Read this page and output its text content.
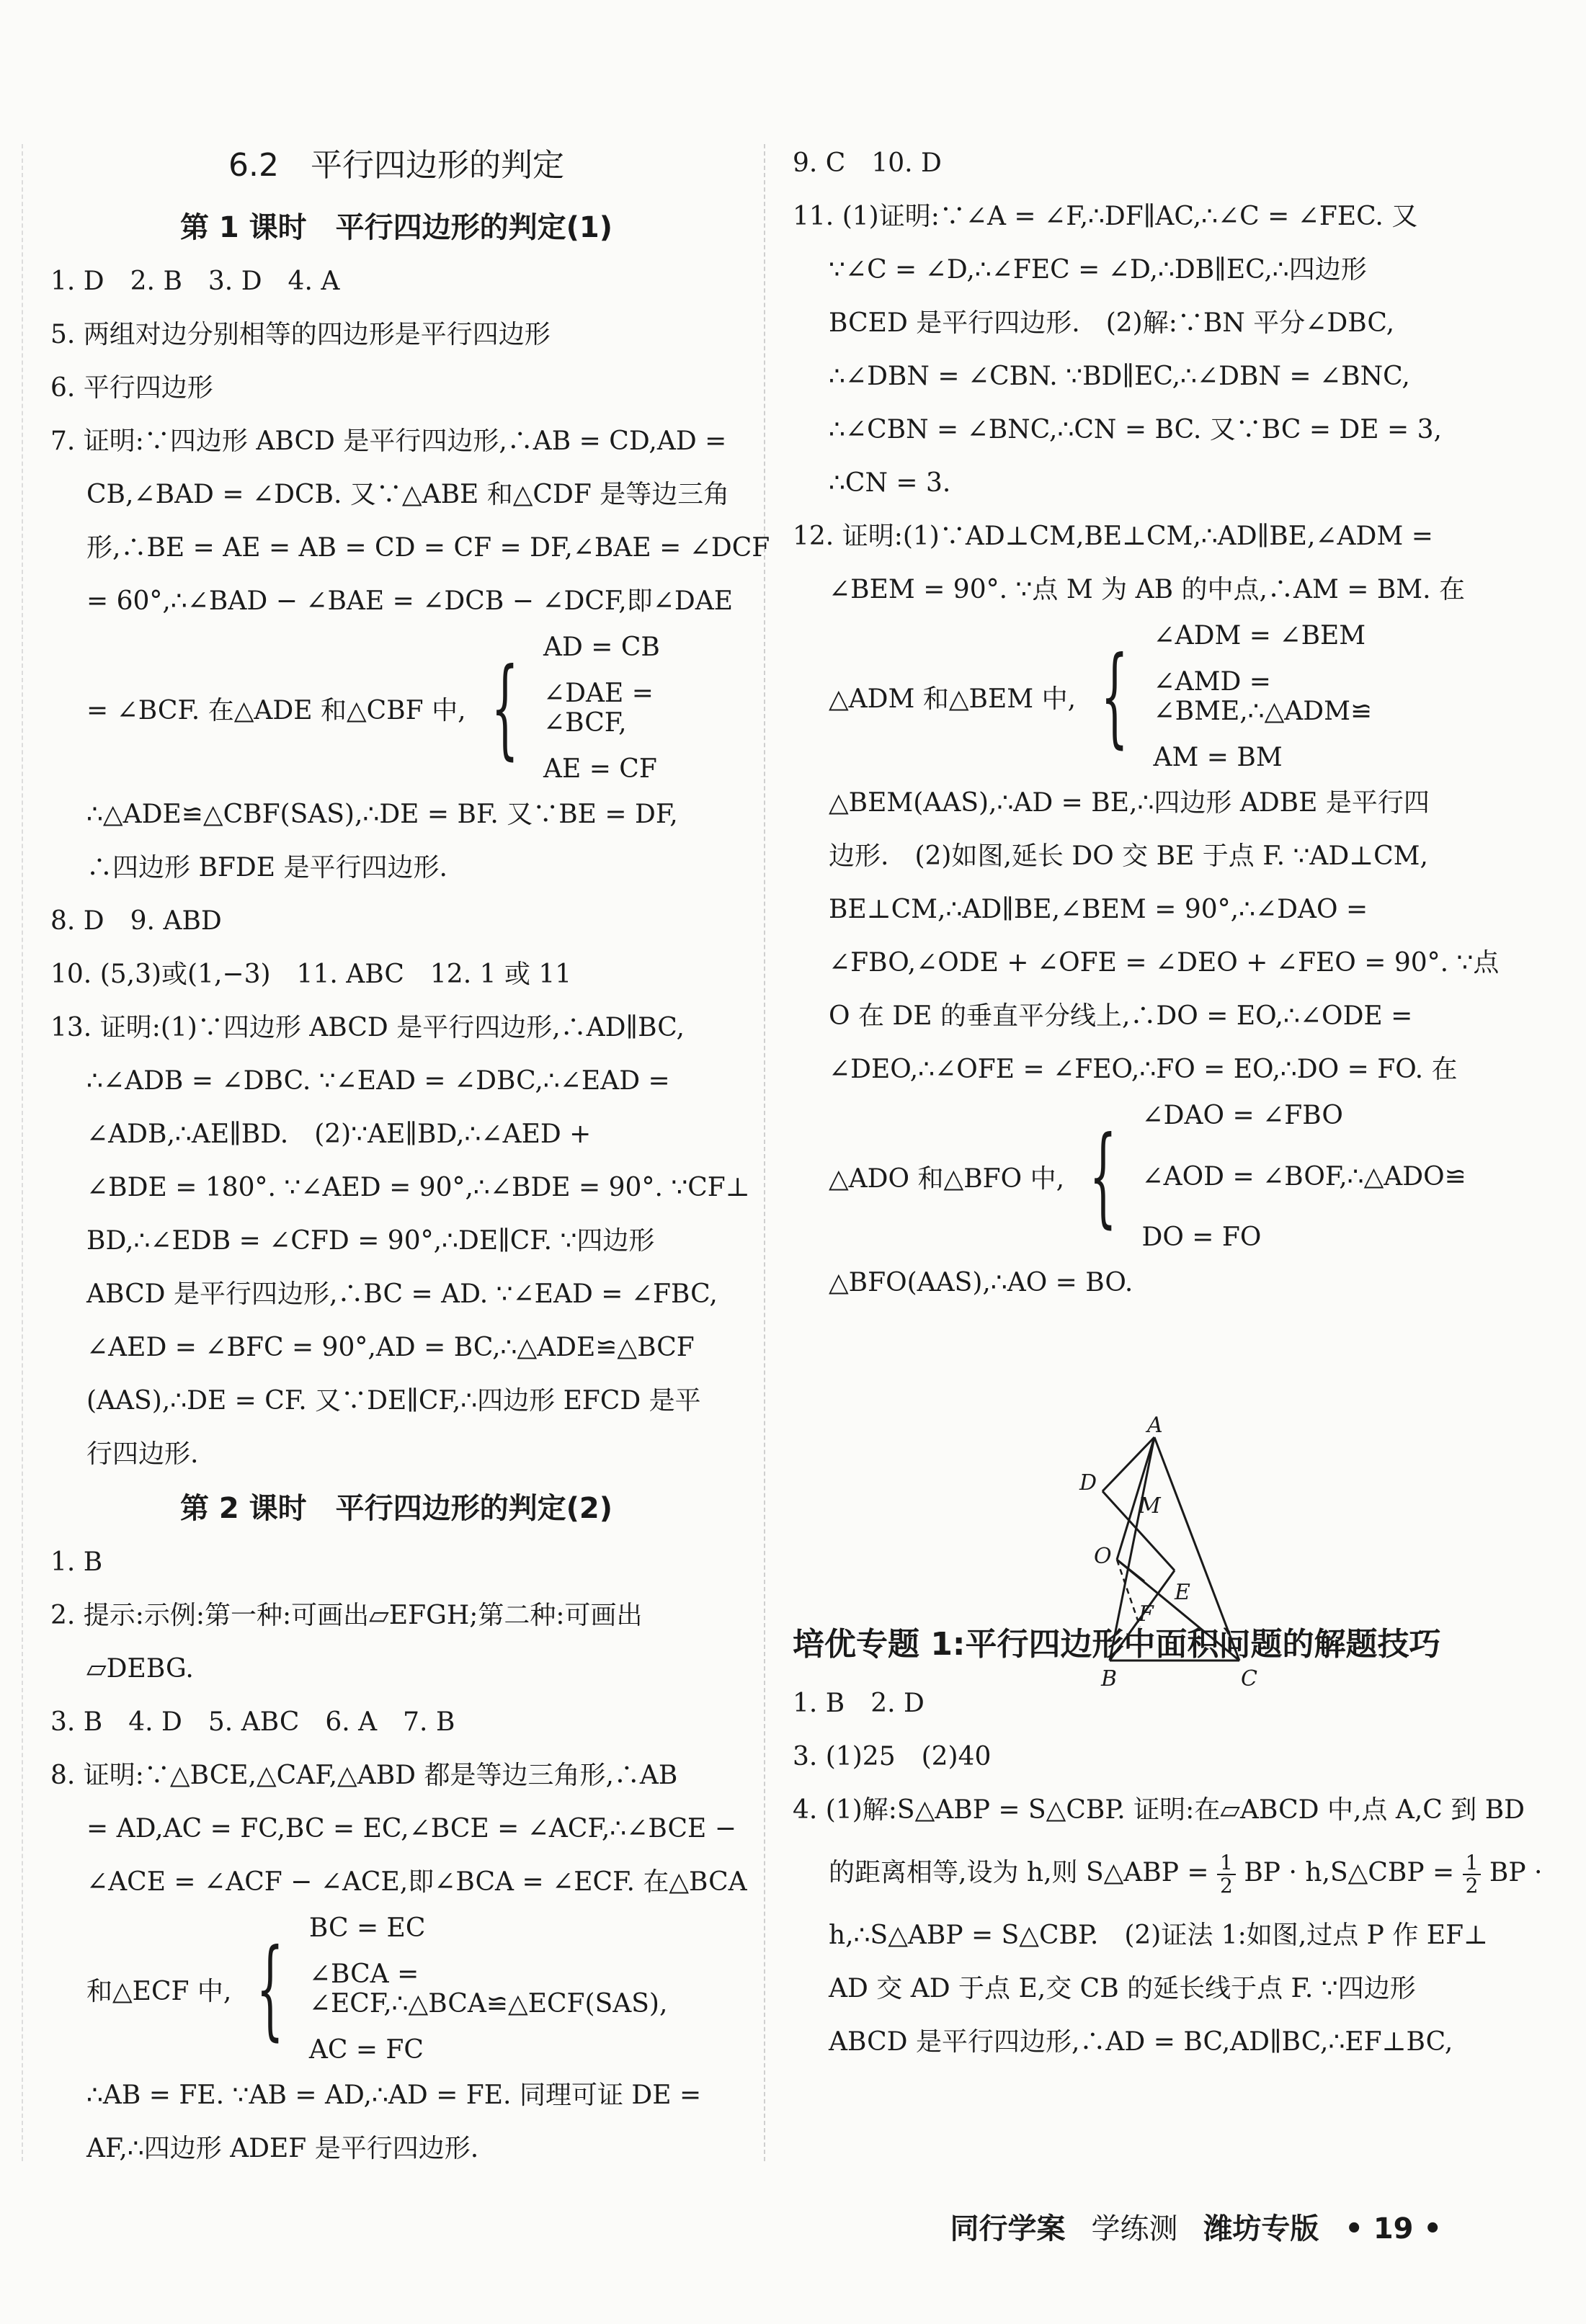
6.2　平行四边形的判定
第 1 课时　平行四边形的判定(1)
1. D　2. B　3. D　4. A
5. 两组对边分别相等的四边形是平行四边形
6. 平行四边形
7. 证明:∵四边形 ABCD 是平行四边形,∴AB = CD,AD =
CB,∠BAD = ∠DCB. 又∵△ABE 和△CDF 是等边三角
形,∴BE = AE = AB = CD = CF = DF,∠BAE = ∠DCF
= 60°,∴∠BAD − ∠BAE = ∠DCB − ∠DCF,即∠DAE
= ∠BCF. 在△ADE 和△CBF 中, { AD = CB
∠DAE = ∠BCF,
AE = CF
∴△ADE≌△CBF(SAS),∴DE = BF. 又∵BE = DF,
∴四边形 BFDE 是平行四边形.
8. D　9. ABD
10. (5,3)或(1,−3)　11. ABC　12. 1 或 11
13. 证明:(1)∵四边形 ABCD 是平行四边形,∴AD∥BC,
∴∠ADB = ∠DBC. ∵∠EAD = ∠DBC,∴∠EAD =
∠ADB,∴AE∥BD.　(2)∵AE∥BD,∴∠AED +
∠BDE = 180°. ∵∠AED = 90°,∴∠BDE = 90°. ∵CF⊥
BD,∴∠EDB = ∠CFD = 90°,∴DE∥CF. ∵四边形
ABCD 是平行四边形,∴BC = AD. ∵∠EAD = ∠FBC,
∠AED = ∠BFC = 90°,AD = BC,∴△ADE≌△BCF
(AAS),∴DE = CF. 又∵DE∥CF,∴四边形 EFCD 是平
行四边形.
第 2 课时　平行四边形的判定(2)
1. B
2. 提示:示例:第一种:可画出▱EFGH;第二种:可画出
▱DEBG.
3. B　4. D　5. ABC　6. A　7. B
8. 证明:∵△BCE,△CAF,△ABD 都是等边三角形,∴AB
= AD,AC = FC,BC = EC,∠BCE = ∠ACF,∴∠BCE −
∠ACE = ∠ACF − ∠ACE,即∠BCA = ∠ECF. 在△BCA
和△ECF 中, { BC = EC
∠BCA = ∠ECF,∴△BCA≌△ECF(SAS),
AC = FC
∴AB = FE. ∵AB = AD,∴AD = FE. 同理可证 DE =
AF,∴四边形 ADEF 是平行四边形.
9. C　10. D
11. (1)证明:∵∠A = ∠F,∴DF∥AC,∴∠C = ∠FEC. 又
∵∠C = ∠D,∴∠FEC = ∠D,∴DB∥EC,∴四边形
BCED 是平行四边形.　(2)解:∵BN 平分∠DBC,
∴∠DBN = ∠CBN. ∵BD∥EC,∴∠DBN = ∠BNC,
∴∠CBN = ∠BNC,∴CN = BC. 又∵BC = DE = 3,
∴CN = 3.
12. 证明:(1)∵AD⊥CM,BE⊥CM,∴AD∥BE,∠ADM =
∠BEM = 90°. ∵点 M 为 AB 的中点,∴AM = BM. 在
△ADM 和△BEM 中, { ∠ADM = ∠BEM
∠AMD = ∠BME,∴△ADM≌
AM = BM
△BEM(AAS),∴AD = BE,∴四边形 ADBE 是平行四
边形.　(2)如图,延长 DO 交 BE 于点 F. ∵AD⊥CM,
BE⊥CM,∴AD∥BE,∠BEM = 90°,∴∠DAO =
∠FBO,∠ODE + ∠OFE = ∠DEO + ∠FEO = 90°. ∵点
O 在 DE 的垂直平分线上,∴DO = EO,∴∠ODE =
∠DEO,∴∠OFE = ∠FEO,∴FO = EO,∴DO = FO. 在
△ADO 和△BFO 中, { ∠DAO = ∠FBO
∠AOD = ∠BOF,∴△ADO≌
DO = FO
△BFO(AAS),∴AO = BO.
培优专题 1:平行四边形中面积问题的解题技巧
1. B　2. D
3. (1)25　(2)40
4. (1)解:S△ABP = S△CBP. 证明:在▱ABCD 中,点 A,C 到 BD
的距离相等,设为 h,则 S△ABP = $\frac{1}{2}$ BP · h,S△CBP = $\frac{1}{2}$ BP ·
h,∴S△ABP = S△CBP.　(2)证法 1:如图,过点 P 作 EF⊥
AD 交 AD 于点 E,交 CB 的延长线于点 F. ∵四边形
ABCD 是平行四边形,∴AD = BC,AD∥BC,∴EF⊥BC,
A
D
M
O
E
F
B	C
同行学案 学练测 潍坊专版 • 19 •
